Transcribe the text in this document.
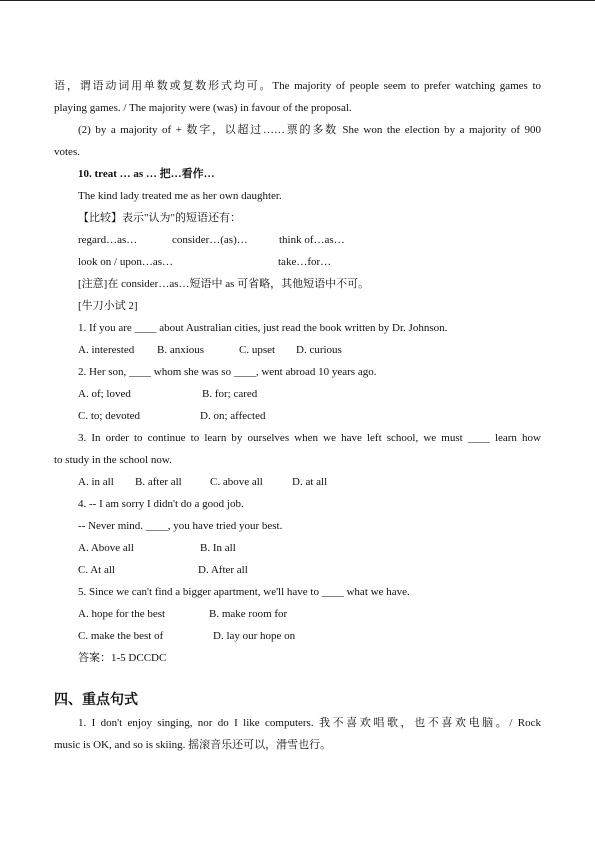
语，谓语动词用单数或复数形式均可。The majority of people seem to prefer watching games to
playing games. / The majority were (was) in favour of the proposal.
(2) by a majority of + 数字，以超过……票的多数 She won the election by a majority of 900
votes.
10. treat … as … 把…看作…
The kind lady treated me as her own daughter.
【比较】表示"认为"的短语还有：
regard…as…	consider…(as)…	think of…as…
look on / upon…as…	take…for…
[注意]在 consider…as…短语中 as 可省略，其他短语中不可。
[牛刀小试 2]
1. If you are ____ about Australian cities, just read the book written by Dr. Johnson.
A. interested B. anxious	C. upset D. curious
2. Her son, ____ whom she was so ____, went abroad 10 years ago.
A. of; loved	B. for; cared
C. to; devoted	D. on; affected
3. In order to continue to learn by ourselves when we have left school, we must ____ learn how
to study in the school now.
A. in all B. after all	C. above all	D. at all
4. -- I am sorry I didn't do a good job.
-- Never mind. ____, you have tried your best.
A. Above all	B. In all
C. At all	D. After all
5. Since we can't find a bigger apartment, we'll have to ____ what we have.
A. hope for the best	B. make room for
C. make the best of	D. lay our hope on
答案：1-5 DCCDC
四、重点句式
1. I don't enjoy singing, nor do I like computers. 我不喜欢唱歌，也不喜欢电脑。/ Rock
music is OK, and so is skiing. 摇滚音乐还可以，滑雪也行。
